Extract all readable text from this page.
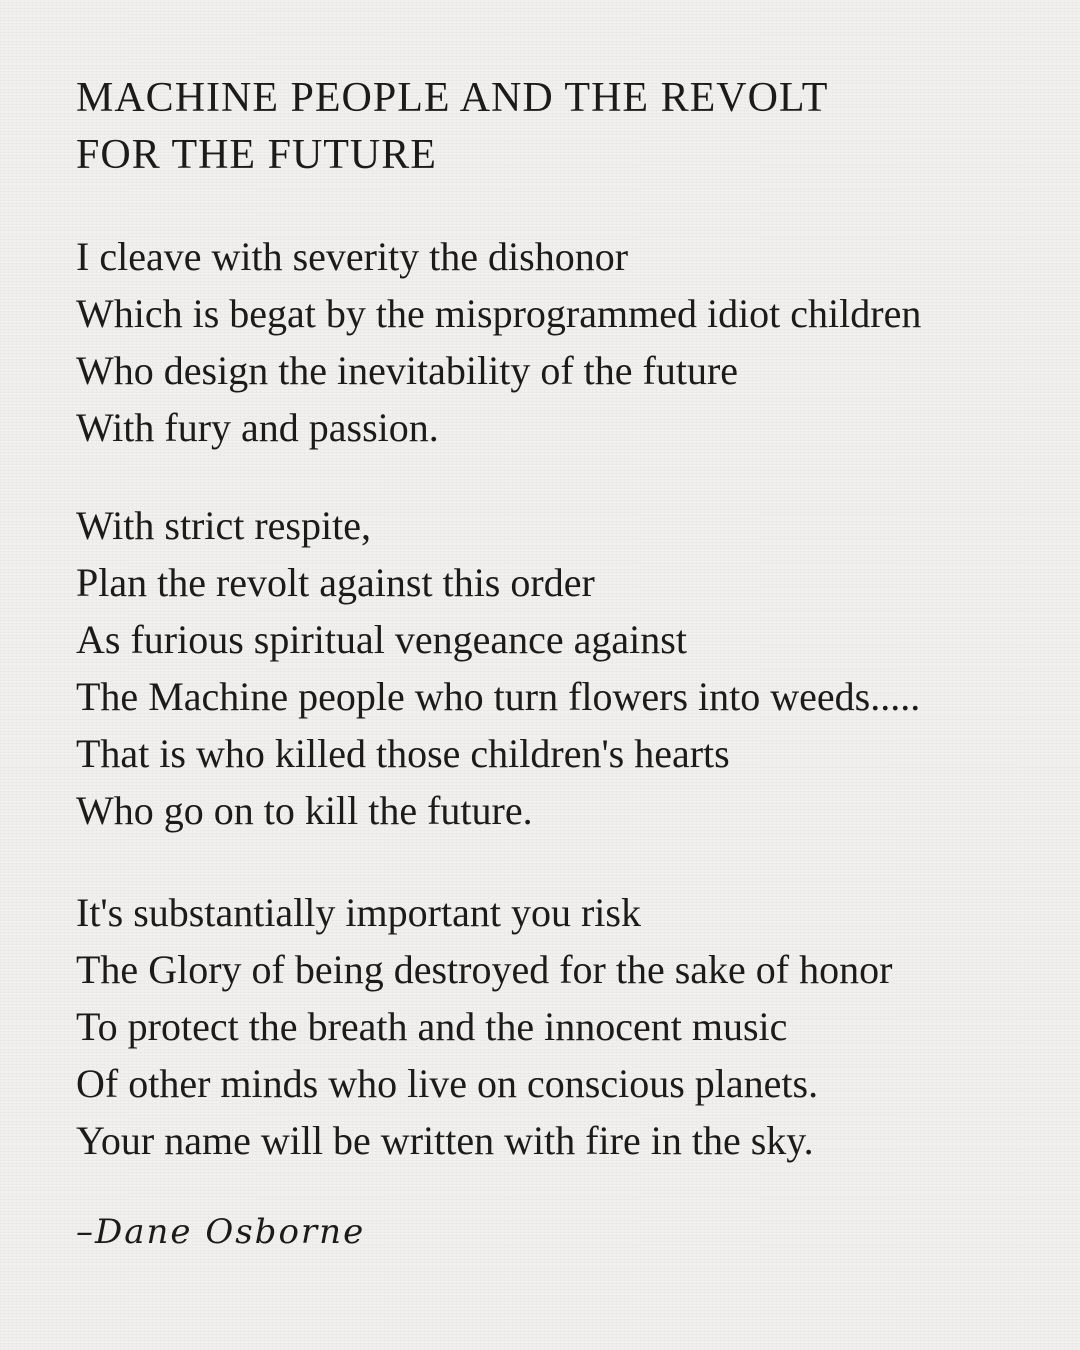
MACHINE PEOPLE AND THE REVOLT
FOR THE FUTURE
I cleave with severity the dishonor
Which is begat by the misprogrammed idiot children
Who design the inevitability of the future
With fury and passion.
With strict respite,
Plan the revolt against this order
As furious spiritual vengeance against
The Machine people who turn flowers into weeds.....
That is who killed those children's hearts
Who go on to kill the future.
It's substantially important you risk
The Glory of being destroyed for the sake of honor
To protect the breath and the innocent music
Of other minds who live on conscious planets.
Your name will be written with fire in the sky.
–Dane Osborne
